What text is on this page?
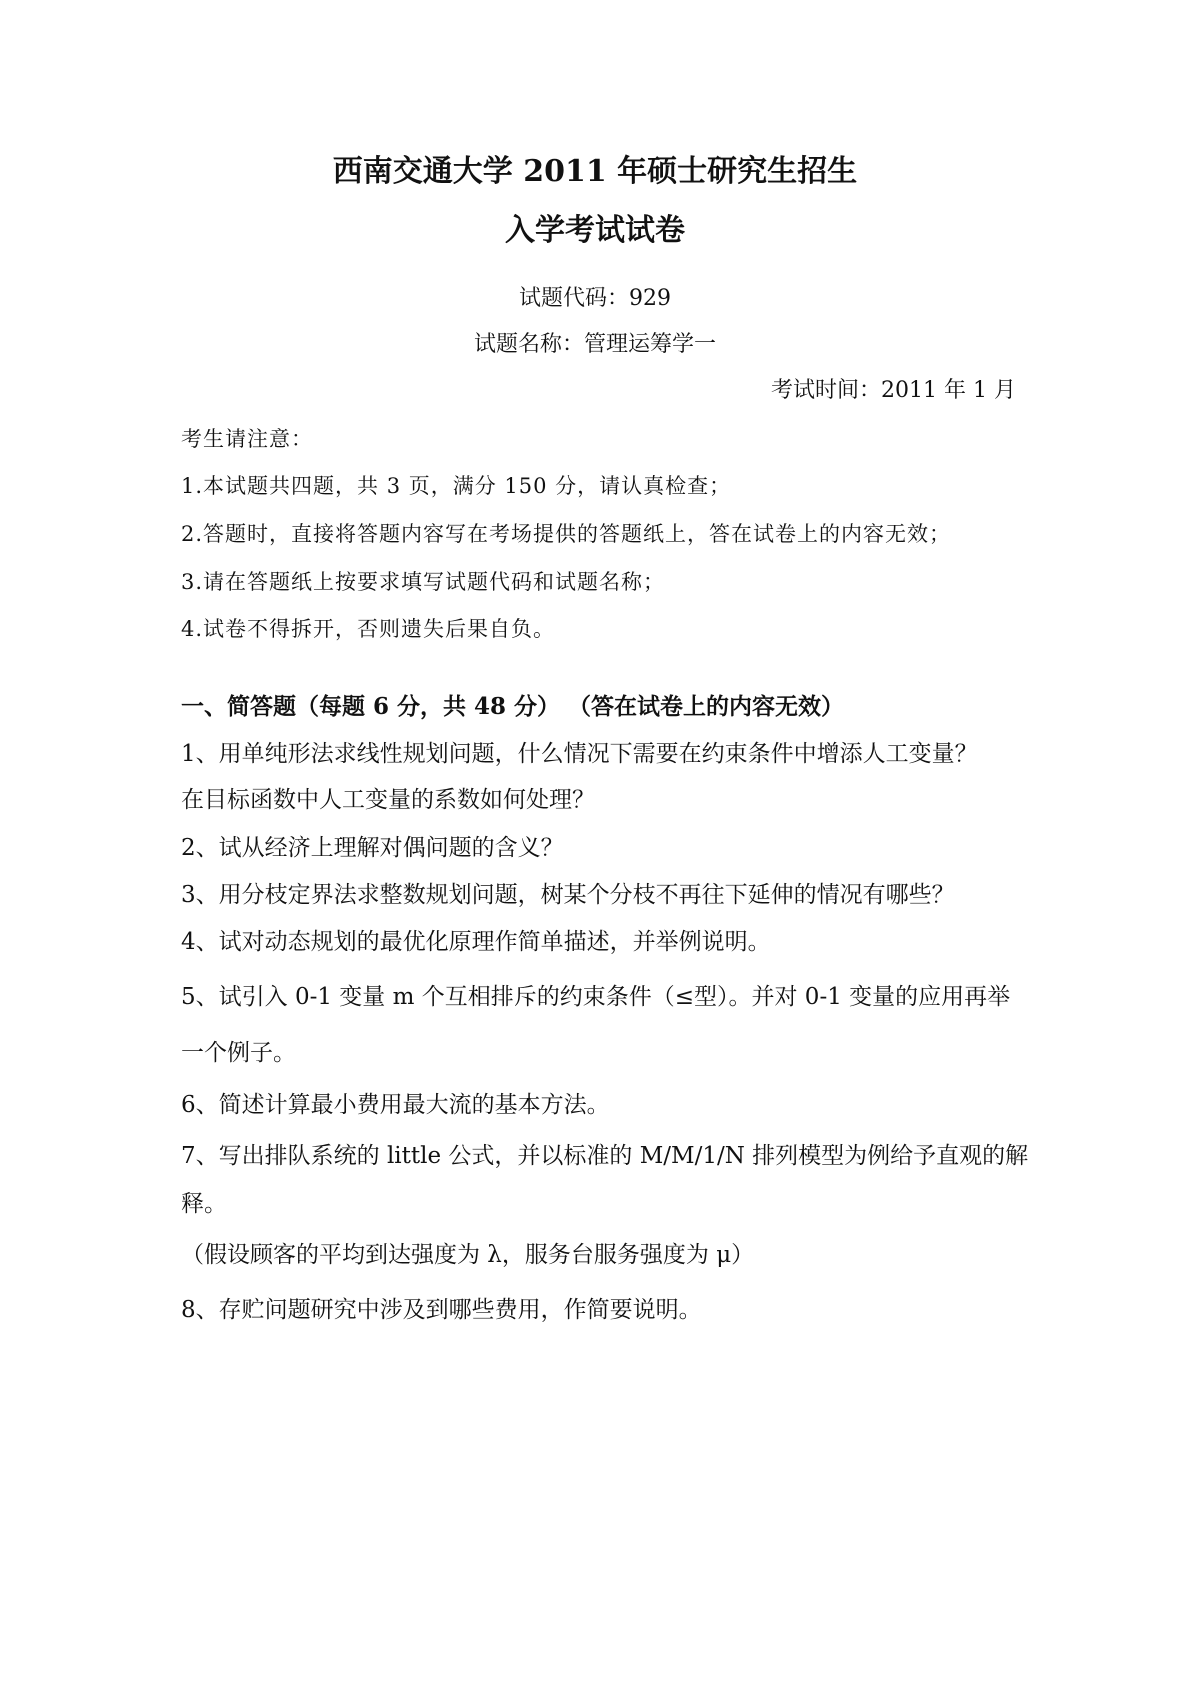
西南交通大学 2011 年硕士研究生招生
入学考试试卷
试题代码：929
试题名称：管理运筹学一
考试时间：2011 年 1 月
考生请注意：
1.本试题共四题，共 3 页，满分 150 分，请认真检查；
2.答题时，直接将答题内容写在考场提供的答题纸上，答在试卷上的内容无效；
3.请在答题纸上按要求填写试题代码和试题名称；
4.试卷不得拆开，否则遗失后果自负。
一、简答题（每题 6 分，共 48 分） （答在试卷上的内容无效）
1、用单纯形法求线性规划问题，什么情况下需要在约束条件中增添人工变量？
在目标函数中人工变量的系数如何处理？
2、试从经济上理解对偶问题的含义？
3、用分枝定界法求整数规划问题，树某个分枝不再往下延伸的情况有哪些？
4、试对动态规划的最优化原理作简单描述，并举例说明。
5、试引入 0-1 变量 m 个互相排斥的约束条件（≤型）。并对 0-1 变量的应用再举
一个例子。
6、简述计算最小费用最大流的基本方法。
7、写出排队系统的 little 公式，并以标准的 M/M/1/N 排列模型为例给予直观的解
释。
（假设顾客的平均到达强度为 λ，服务台服务强度为 μ）
8、存贮问题研究中涉及到哪些费用，作简要说明。
